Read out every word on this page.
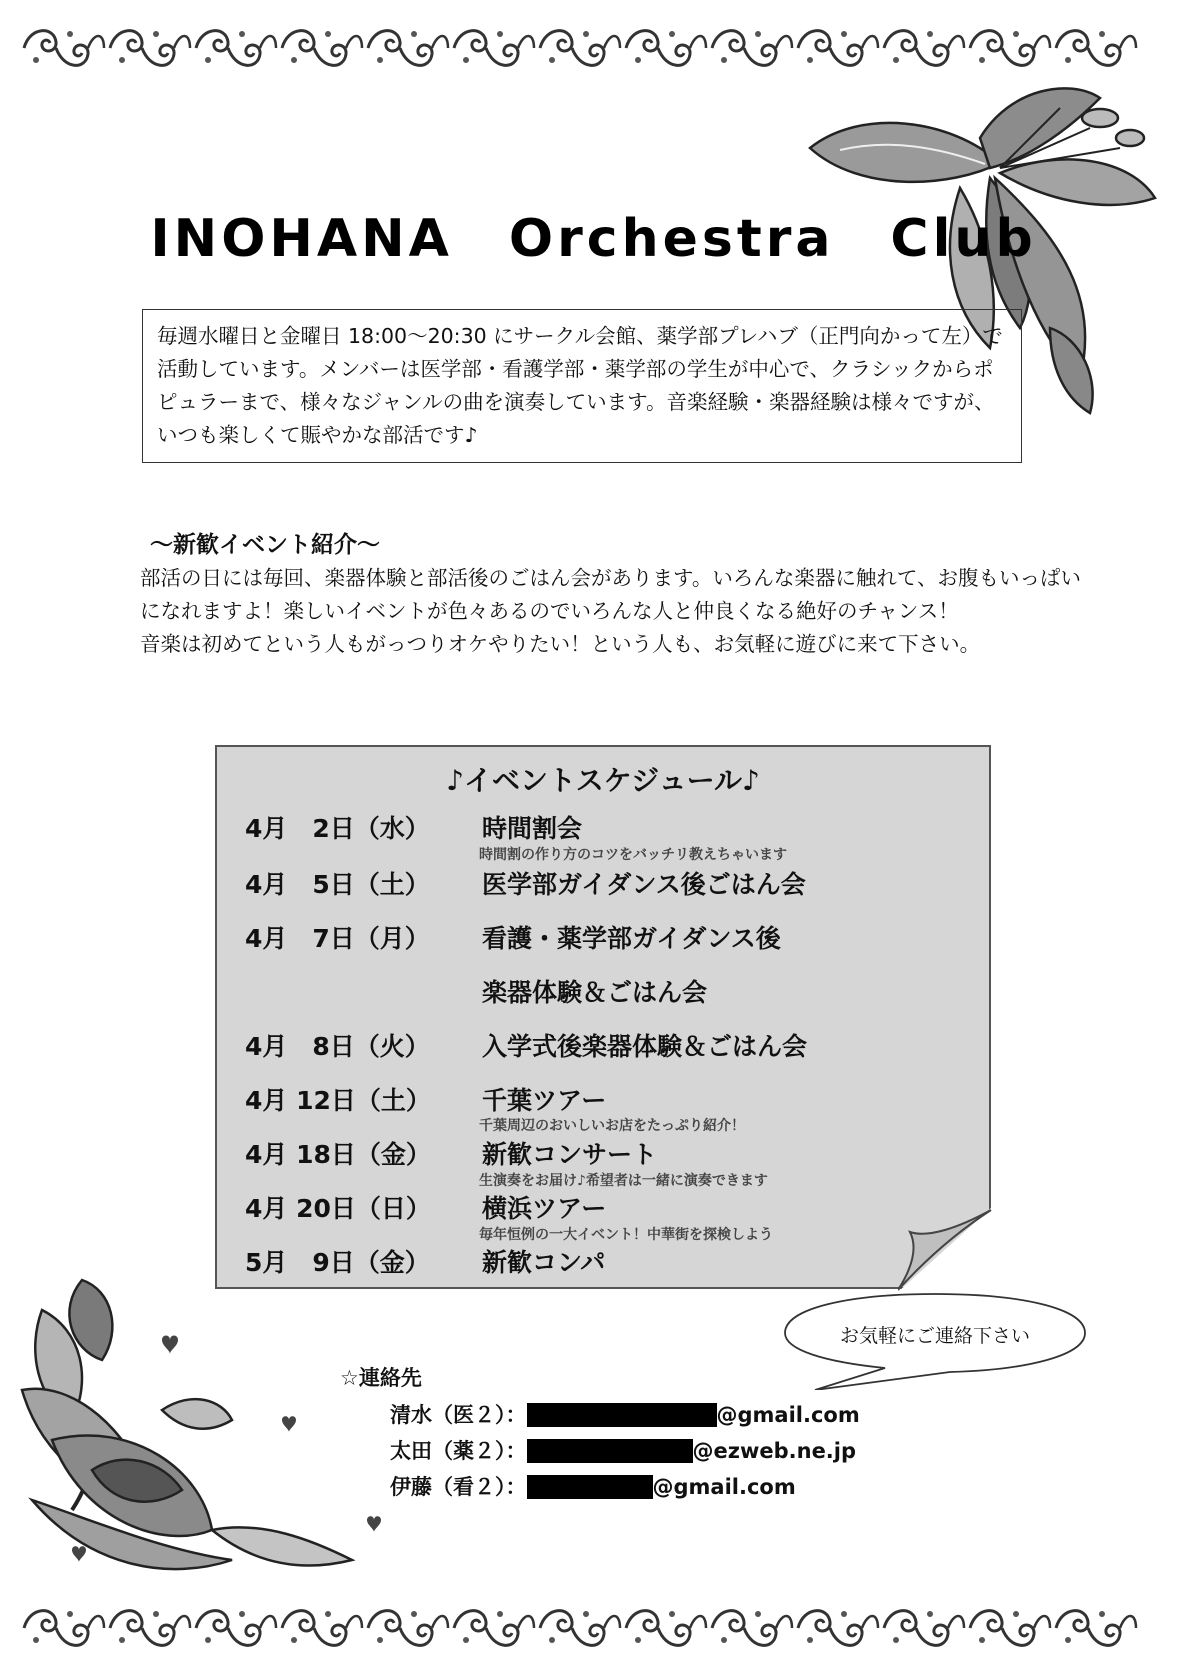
INOHANA　Orchestra　Club
毎週水曜日と金曜日 18:00～20:30 にサークル会館、薬学部プレハブ（正門向かって左）で活動しています。メンバーは医学部・看護学部・薬学部の学生が中心で、クラシックからポピュラーまで、様々なジャンルの曲を演奏しています。音楽経験・楽器経験は様々ですが、いつも楽しくて賑やかな部活です♪
～新歓イベント紹介～
部活の日には毎回、楽器体験と部活後のごはん会があります。いろんな楽器に触れて、お腹もいっぱいになれますよ！楽しいイベントが色々あるのでいろんな人と仲良くなる絶好のチャンス！
音楽は初めてという人もがっつりオケやりたい！という人も、お気軽に遊びに来て下さい。
♪イベントスケジュール♪
4月　2日（水） 時間割会
時間割の作り方のコツをバッチリ教えちゃいます
4月　5日（土） 医学部ガイダンス後ごはん会
4月　7日（月） 看護・薬学部ガイダンス後
楽器体験＆ごはん会
4月　8日（火） 入学式後楽器体験＆ごはん会
4月 12日（土） 千葉ツアー
千葉周辺のおいしいお店をたっぷり紹介！
4月 18日（金） 新歓コンサート
生演奏をお届け♪希望者は一緒に演奏できます
4月 20日（日） 横浜ツアー
毎年恒例の一大イベント！中華街を探検しよう
5月　9日（金） 新歓コンパ
お気軽にご連絡下さい
☆連絡先
清水（医２）：	@gmail.com
太田（薬２）：	@ezweb.ne.jp
伊藤（看２）：	@gmail.com
